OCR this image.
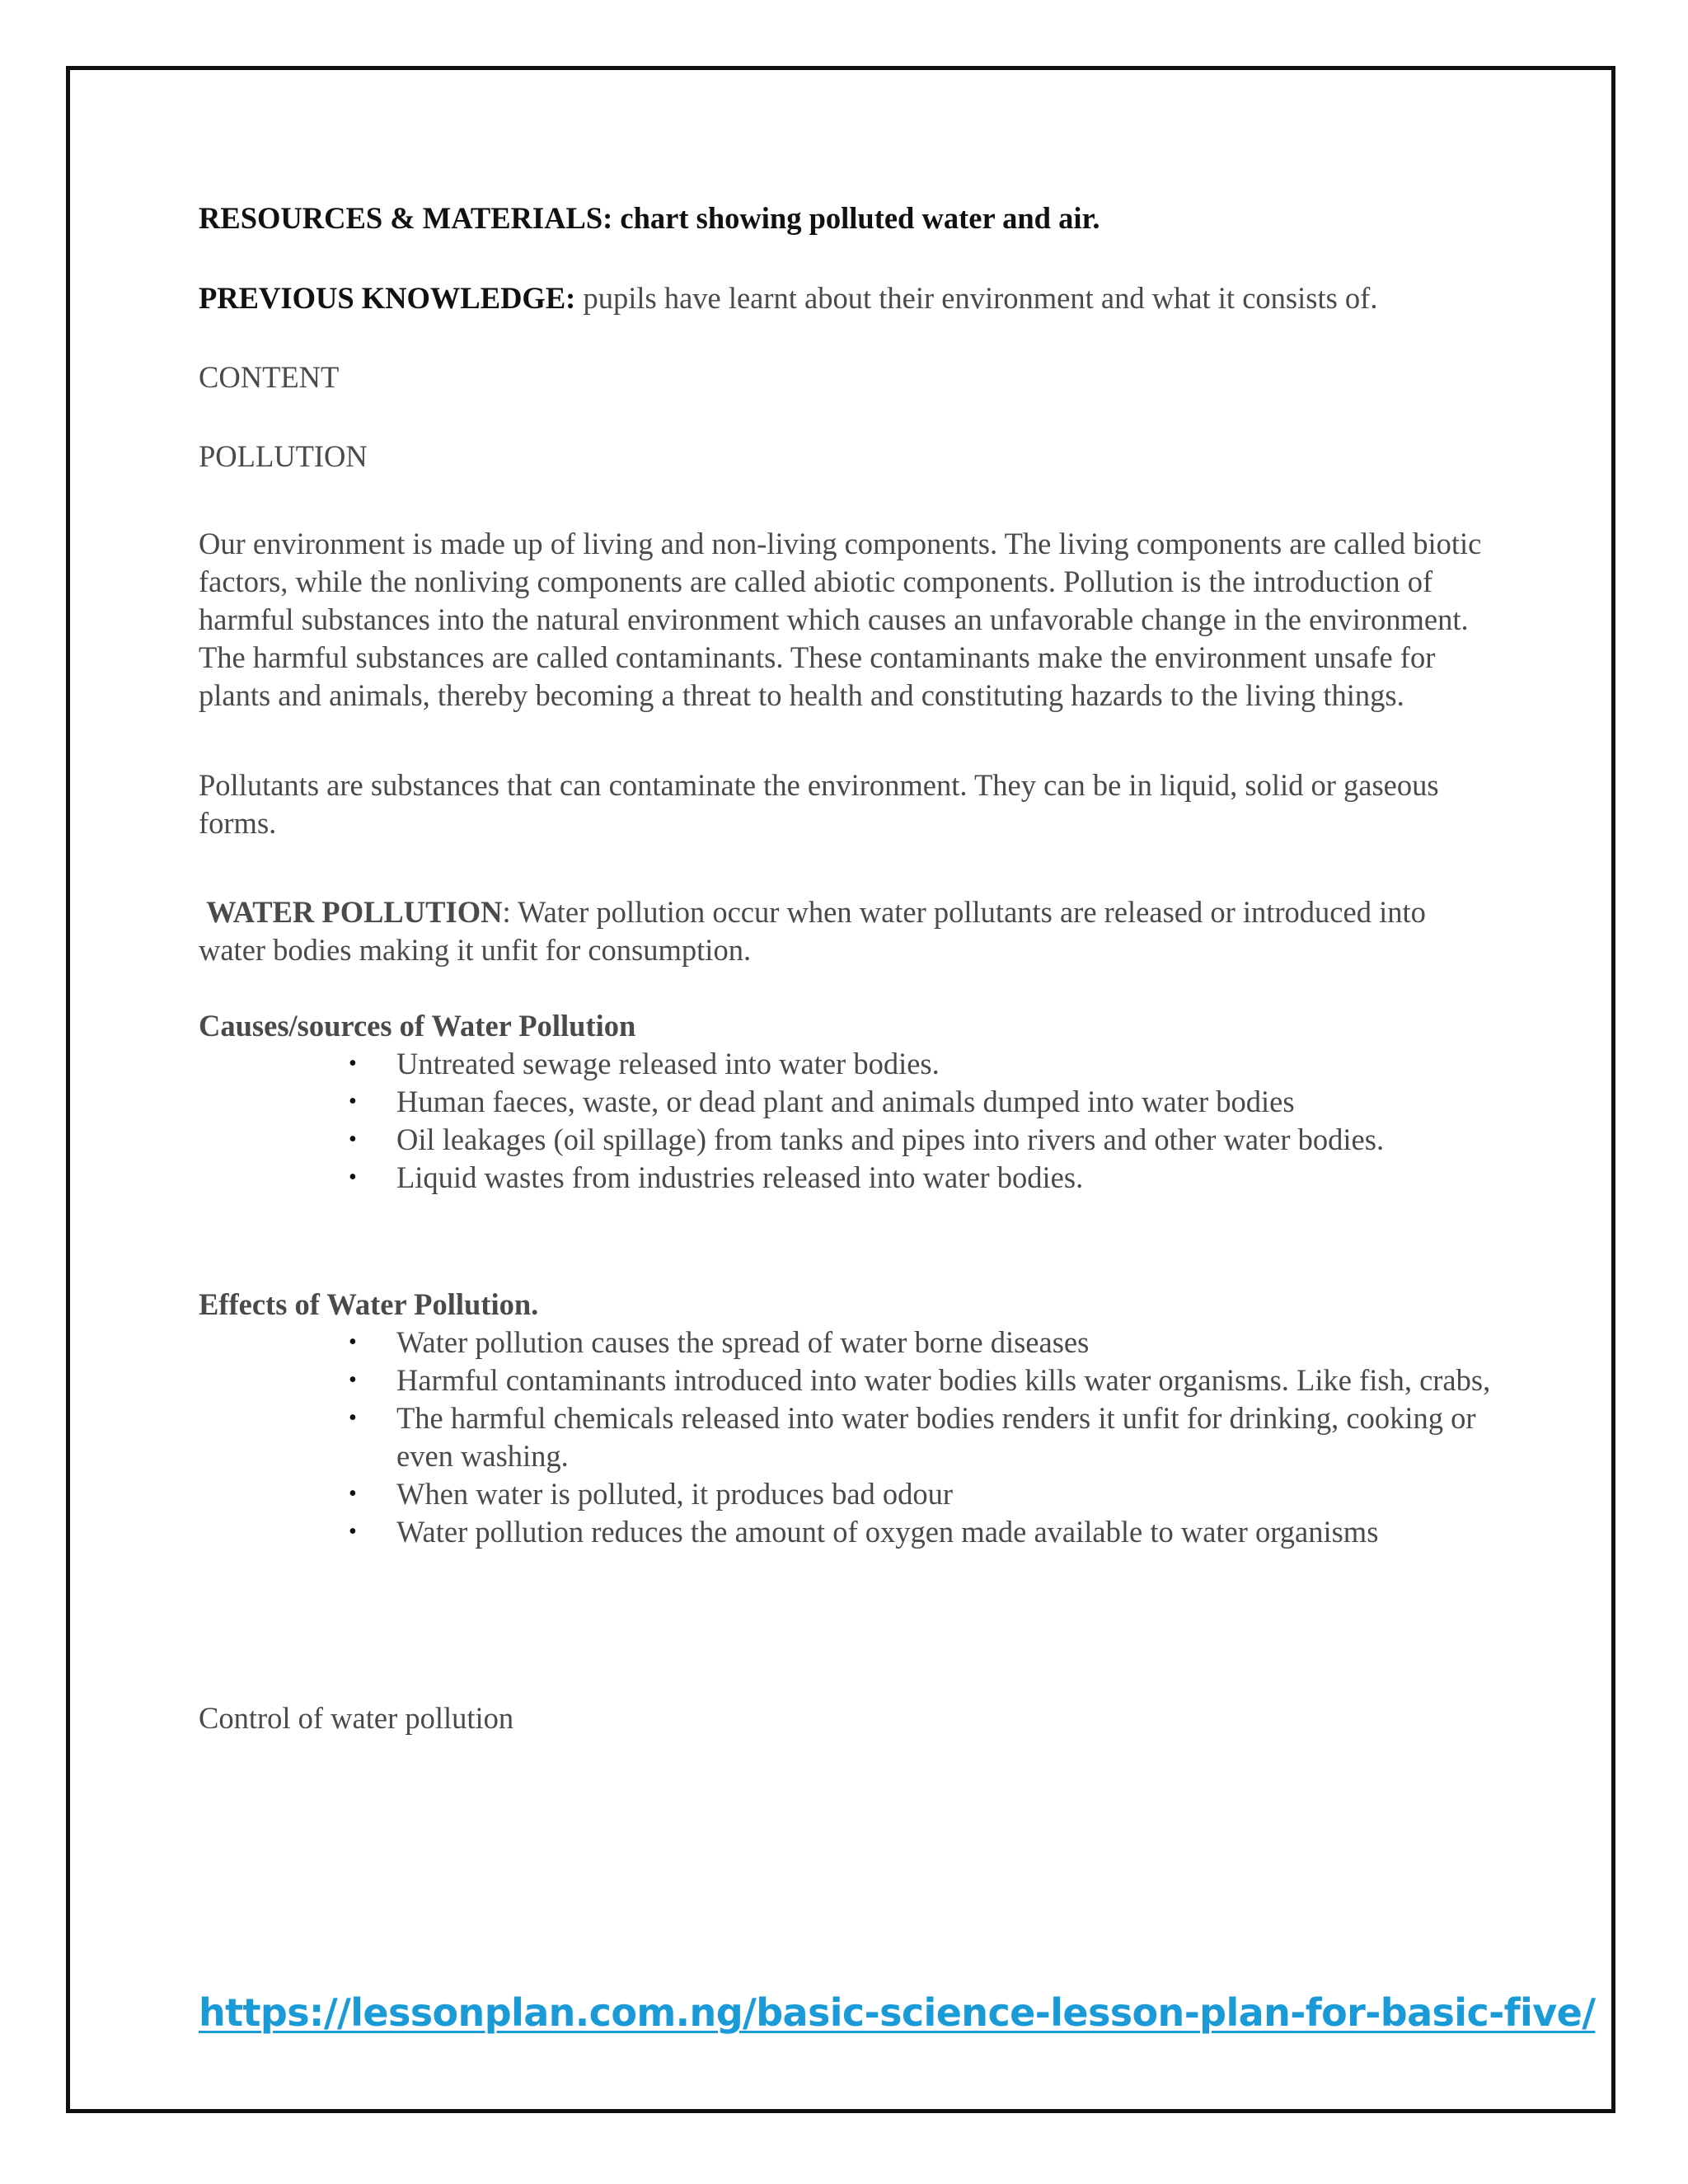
RESOURCES & MATERIALS: chart showing polluted water and air.

PREVIOUS KNOWLEDGE: pupils have learnt about their environment and what it consists of.

CONTENT

POLLUTION

Our environment is made up of living and non-living components. The living components are called biotic factors, while the nonliving components are called abiotic components. Pollution is the introduction of harmful substances into the natural environment which causes an unfavorable change in the environment. The harmful substances are called contaminants. These contaminants make the environment unsafe for plants and animals, thereby becoming a threat to health and constituting hazards to the living things.

Pollutants are substances that can contaminate the environment. They can be in liquid, solid or gaseous forms.

WATER POLLUTION: Water pollution occur when water pollutants are released or introduced into water bodies making it unfit for consumption.

Causes/sources of Water Pollution

• Untreated sewage released into water bodies.
• Human faeces, waste, or dead plant and animals dumped into water bodies
• Oil leakages (oil spillage) from tanks and pipes into rivers and other water bodies.
• Liquid wastes from industries released into water bodies.

Effects of Water Pollution.

• Water pollution causes the spread of water borne diseases
• Harmful contaminants introduced into water bodies kills water organisms. Like fish, crabs,
• The harmful chemicals released into water bodies renders it unfit for drinking, cooking or even washing.
• When water is polluted, it produces bad odour
• Water pollution reduces the amount of oxygen made available to water organisms

Control of water pollution

https://lessonplan.com.ng/basic-science-lesson-plan-for-basic-five/
